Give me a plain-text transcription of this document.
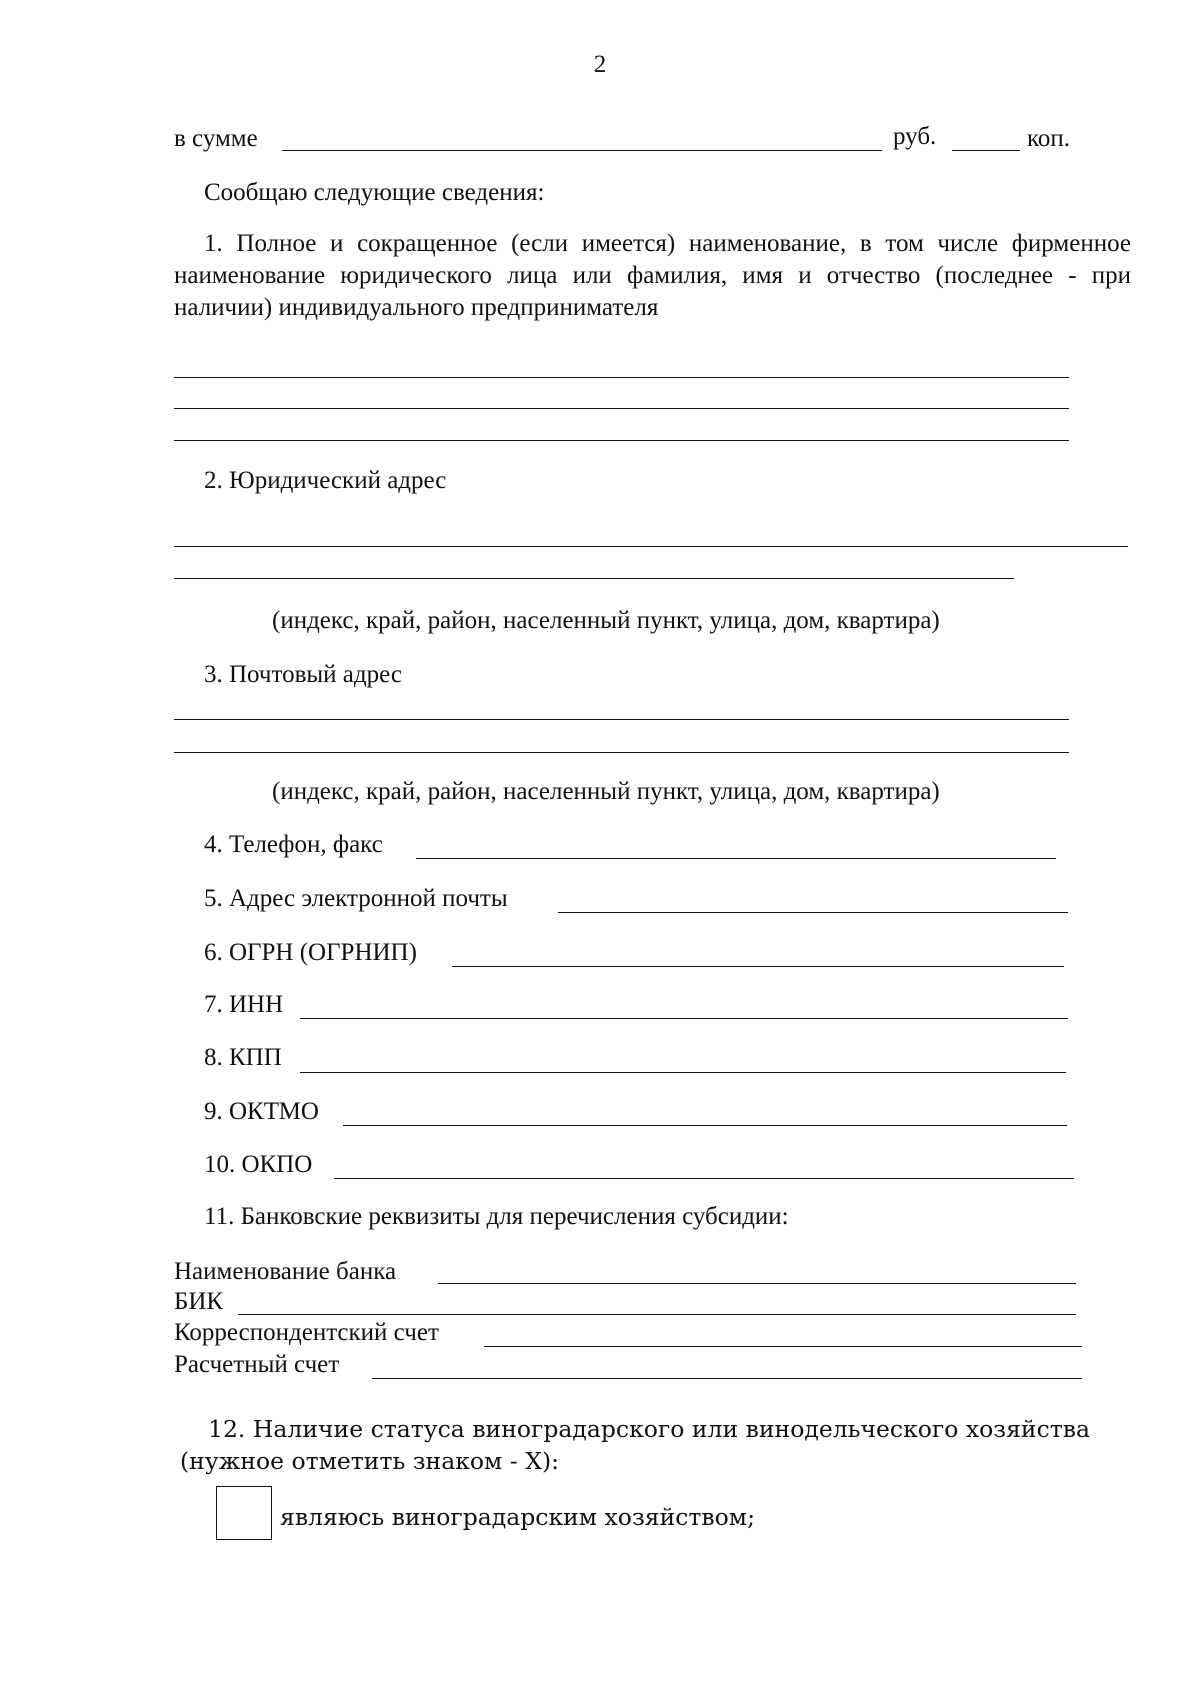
2
в сумме	руб.	коп.
Сообщаю следующие сведения:
1. Полное и сокращенное (если имеется) наименование, в том числе фирменное наименование юридического лица или фамилия, имя и отчество (последнее - при наличии) индивидуального предпринимателя
2. Юридический адрес
(индекс, край, район, населенный пункт, улица, дом, квартира)
3. Почтовый адрес
(индекс, край, район, населенный пункт, улица, дом, квартира)
4. Телефон, факс
5. Адрес электронной почты
6. ОГРН (ОГРНИП)
7. ИНН
8. КПП
9. ОКТМО
10. ОКПО
11. Банковские реквизиты для перечисления субсидии:
Наименование банка
БИК
Корреспондентский счет
Расчетный счет
12. Наличие статуса виноградарского или винодельческого хозяйства (нужное отметить знаком - Х):
являюсь виноградарским хозяйством;
